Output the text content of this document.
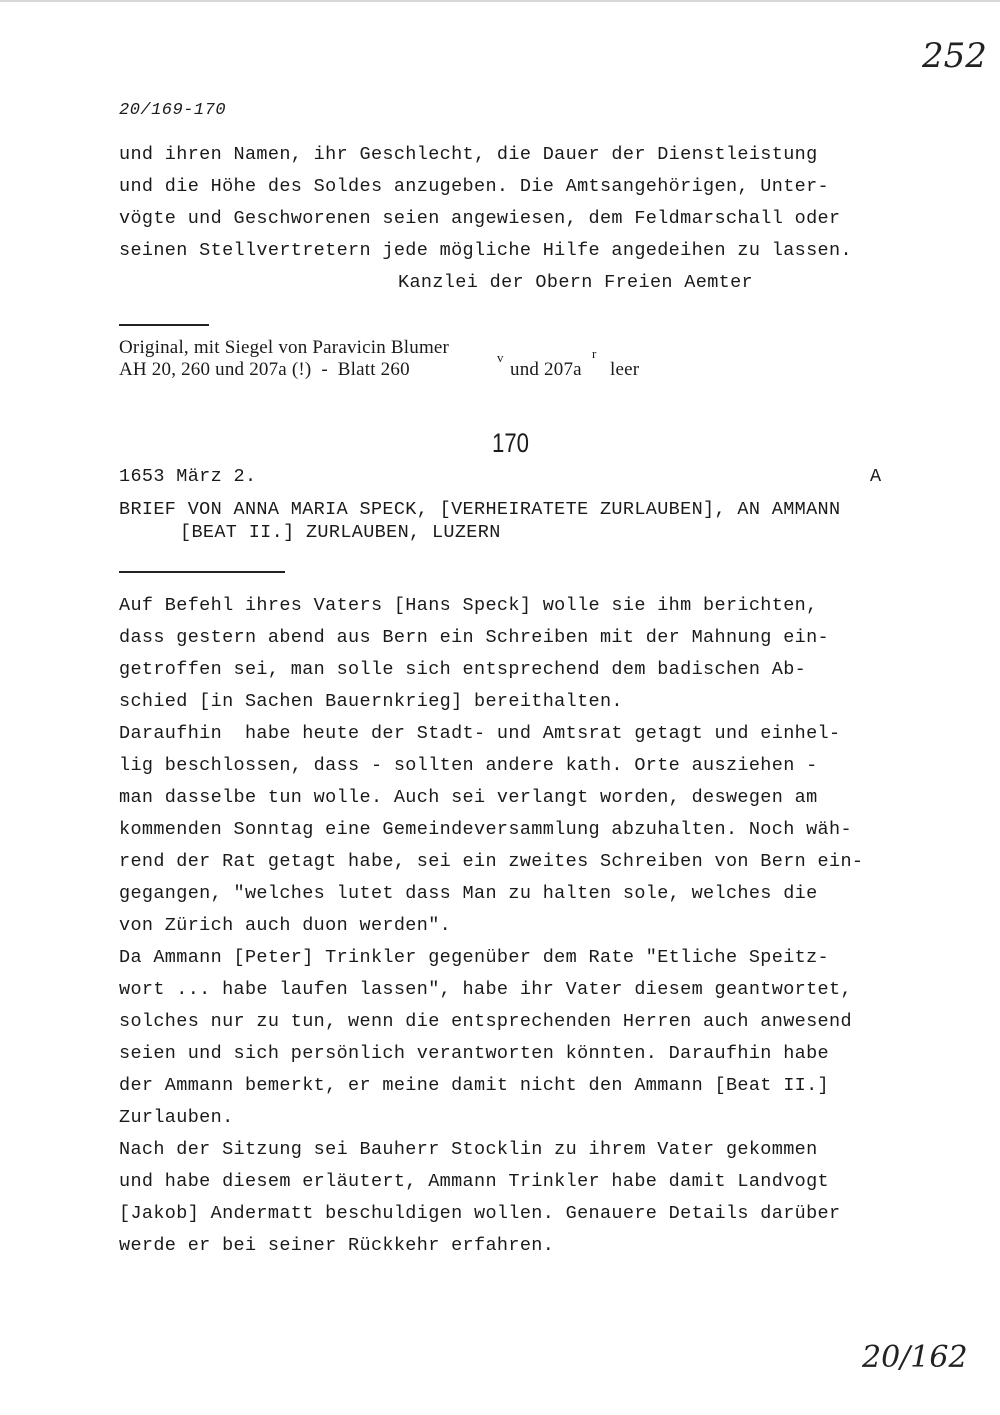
252
20/169-170
und ihren Namen, ihr Geschlecht, die Dauer der Dienstleistung
und die Höhe des Soldes anzugeben. Die Amtsangehörigen, Unter-
vögte und Geschworenen seien angewiesen, dem Feldmarschall oder
seinen Stellvertretern jede mögliche Hilfe angedeihen zu lassen.
Kanzlei der Obern Freien Aemter
Original, mit Siegel von Paravicin Blumer
AH 20, 260 und 207a (!)  -  Blatt 260
v
und 207a
r
leer
170
1653 März 2.	A
BRIEF VON ANNA MARIA SPECK, [VERHEIRATETE ZURLAUBEN], AN AMMANN
[BEAT II.] ZURLAUBEN, LUZERN
Auf Befehl ihres Vaters [Hans Speck] wolle sie ihm berichten,
dass gestern abend aus Bern ein Schreiben mit der Mahnung ein-
getroffen sei, man solle sich entsprechend dem badischen Ab-
schied [in Sachen Bauernkrieg] bereithalten.
Daraufhin  habe heute der Stadt- und Amtsrat getagt und einhel-
lig beschlossen, dass - sollten andere kath. Orte ausziehen -
man dasselbe tun wolle. Auch sei verlangt worden, deswegen am
kommenden Sonntag eine Gemeindeversammlung abzuhalten. Noch wäh-
rend der Rat getagt habe, sei ein zweites Schreiben von Bern ein-
gegangen, "welches lutet dass Man zu halten sole, welches die
von Zürich auch duon werden".
Da Ammann [Peter] Trinkler gegenüber dem Rate "Etliche Speitz-
wort ... habe laufen lassen", habe ihr Vater diesem geantwortet,
solches nur zu tun, wenn die entsprechenden Herren auch anwesend
seien und sich persönlich verantworten könnten. Daraufhin habe
der Ammann bemerkt, er meine damit nicht den Ammann [Beat II.]
Zurlauben.
Nach der Sitzung sei Bauherr Stocklin zu ihrem Vater gekommen
und habe diesem erläutert, Ammann Trinkler habe damit Landvogt
[Jakob] Andermatt beschuldigen wollen. Genauere Details darüber
werde er bei seiner Rückkehr erfahren.
20/162
